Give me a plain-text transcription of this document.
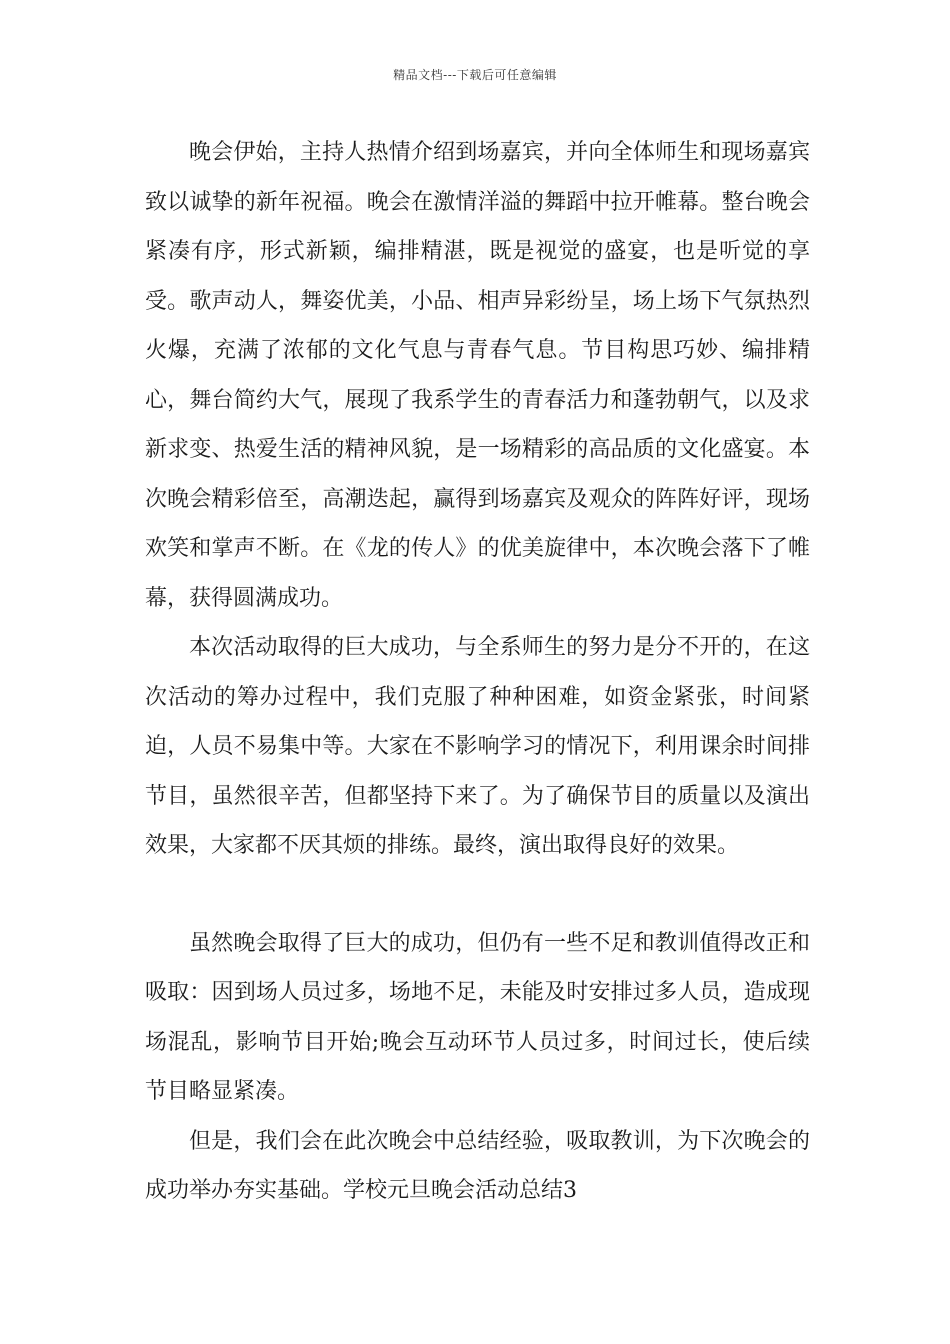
精品文档---下载后可任意编辑

晚会伊始，主持人热情介绍到场嘉宾，并向全体师生和现场嘉宾致以诚挚的新年祝福。晚会在激情洋溢的舞蹈中拉开帷幕。整台晚会紧凑有序，形式新颖，编排精湛，既是视觉的盛宴，也是听觉的享受。歌声动人，舞姿优美，小品、相声异彩纷呈，场上场下气氛热烈火爆，充满了浓郁的文化气息与青春气息。节目构思巧妙、编排精心，舞台简约大气，展现了我系学生的青春活力和蓬勃朝气，以及求新求变、热爱生活的精神风貌，是一场精彩的高品质的文化盛宴。本次晚会精彩倍至，高潮迭起，赢得到场嘉宾及观众的阵阵好评，现场欢笑和掌声不断。在《龙的传人》的优美旋律中，本次晚会落下了帷幕，获得圆满成功。

本次活动取得的巨大成功，与全系师生的努力是分不开的，在这次活动的筹办过程中，我们克服了种种困难，如资金紧张，时间紧迫，人员不易集中等。大家在不影响学习的情况下，利用课余时间排节目，虽然很辛苦，但都坚持下来了。为了确保节目的质量以及演出效果，大家都不厌其烦的排练。最终，演出取得良好的效果。

虽然晚会取得了巨大的成功，但仍有一些不足和教训值得改正和吸取：因到场人员过多，场地不足，未能及时安排过多人员，造成现场混乱，影响节目开始;晚会互动环节人员过多，时间过长，使后续节目略显紧凑。

但是，我们会在此次晚会中总结经验，吸取教训，为下次晚会的成功举办夯实基础。学校元旦晚会活动总结3
